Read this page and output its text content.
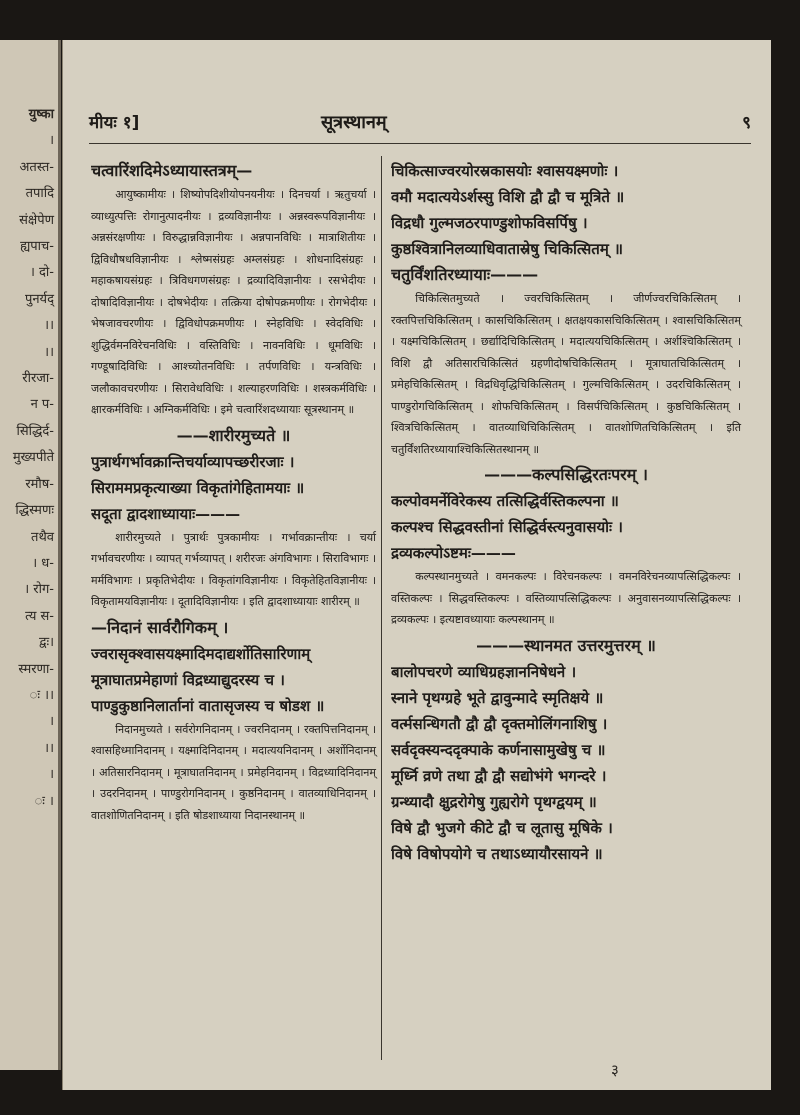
युष्का
।
अतस्त-
तपादि
संक्षेपेण
ह्यपाच-
। दो-
पुनर्यद्
।।
।।
रीरजा-
न प-
सिद्धिर्द-
मुख्यपीते
रमौष-
द्धिस्मणः
तथैव
। ध-
। रोग-
त्य स-
द्वः।
स्मरणा-
ः ।।
।
।।
।
ः ।
मीयः १]	सूत्रस्थानम्	९
चत्वारिंशदिमेऽध्यायास्तत्रम्—
आयुष्कामीयः । शिष्योपदिशीयोपनयनीयः । दिनचर्या । ऋतुचर्या । व्याध्युत्पत्तिः रोगानुत्पादनीयः । द्रव्यविज्ञानीयः । अन्नस्वरूपविज्ञानीयः । अन्नसंरक्षणीयः । विरुद्धान्नविज्ञानीयः । अन्नपानविधिः । मात्राशितीयः । द्विविधौषधविज्ञानीयः । श्लेष्मसंग्रहः अम्लसंग्रहः । शोधनादिसंग्रहः । महाकषायसंग्रहः । त्रिविधगणसंग्रहः । द्रव्यादिविज्ञानीयः । रसभेदीयः । दोषादिविज्ञानीयः । दोषभेदीयः । तत्क्रिया दोषोपक्रमणीयः । रोगभेदीयः । भेषजावचरणीयः । द्विविधोपक्रमणीयः । स्नेहविधिः । स्वेदविधिः । शुद्धिर्वमनविरेचनविधिः । वस्तिविधिः । नावनविधिः । धूमविधिः । गण्डूषादिविधिः । आश्च्योतनविधिः । तर्पणविधिः । यन्त्रविधिः । जलौकावचरणीयः । सिरावेधविधिः । शल्याहरणविधिः । शस्त्रकर्मविधिः । क्षारकर्मविधिः । अग्निकर्मविधिः । इमे चत्वारिंशदध्यायाः सूत्रस्थानम् ॥
——शारीरमुच्यते ॥
पुत्रार्थगर्भावक्रान्तिचर्याव्यापच्छरीरजाः ।
सिराममप्रकृत्याख्या विकृतांगेहितामयाः ॥
सदूता द्वादशाध्यायाः———
शारीरमुच्यते । पुत्रार्थः पुत्रकामीयः । गर्भावक्रान्तीयः । चर्या गर्भावचरणीयः । व्यापत् गर्भव्यापत् । शरीरजः अंगविभागः । सिराविभागः । मर्मविभागः । प्रकृतिभेदीयः । विकृतांगविज्ञानीयः । विकृतेहितविज्ञानीयः । विकृतामयविज्ञानीयः । दूतादिविज्ञानीयः । इति द्वादशाध्यायाः शारीरम् ॥
—निदानं सार्वरौगिकम् ।
ज्वरासृक्श्वासयक्ष्मादिमदाद्यर्शोतिसारिणाम्
मूत्राघातप्रमेहाणां विद्रध्याद्युदरस्य च ।
पाण्डुकुष्ठानिलार्तानां वातासृजस्य च षोडश ॥
निदानमुच्यते । सर्वरोगनिदानम् । ज्वरनिदानम् । रक्तपित्तनिदानम् । श्वासहिध्मानिदानम् । यक्ष्मादिनिदानम् । मदात्ययनिदानम् । अर्शोनिदानम् । अतिसारनिदानम् । मूत्राघातनिदानम् । प्रमेहनिदानम् । विद्रध्यादिनिदानम् । उदरनिदानम् । पाण्डुरोगनिदानम् । कुष्ठनिदानम् । वातव्याधिनिदानम् । वातशोणितनिदानम् । इति षोडशाध्याया निदानस्थानम् ॥
चिकित्साज्वरयोरस्रकासयोः श्वासयक्ष्मणोः ।
वमौ मदात्ययेऽर्शस्सु विशि द्वौ द्वौ च मूत्रिते ॥
विद्रधौ गुल्मजठरपाण्डुशोफविसर्पिषु ।
कुष्ठश्वित्रानिलव्याधिवातास्रेषु चिकित्सितम् ॥
चतुर्विंशतिरध्यायाः———
चिकित्सितमुच्यते । ज्वरचिकित्सितम् । जीर्णज्वरचिकित्सितम् । रक्तपित्तचिकित्सितम् । कासचिकित्सितम् । क्षतक्षयकासचिकित्सितम् । श्वासचिकित्सितम् । यक्ष्मचिकित्सितम् । छर्द्यादिचिकित्सितम् । मदात्ययचिकित्सितम् । अर्शश्चिकित्सितम् । विशि द्वौ अतिसारचिकित्सितं ग्रहणीदोषचिकित्सितम् । मूत्राघातचिकित्सितम् । प्रमेहचिकित्सितम् । विद्रधिवृद्धिचिकित्सितम् । गुल्मचिकित्सितम् । उदरचिकित्सितम् । पाण्डुरोगचिकित्सितम् । शोफचिकित्सितम् । विसर्पचिकित्सितम् । कुष्ठचिकित्सितम् । श्वित्रचिकित्सितम् । वातव्याधिचिकित्सितम् । वातशोणितचिकित्सितम् । इति चतुर्विंशतिरध्यायाश्चिकित्सितस्थानम् ॥
———कल्पसिद्धिरतःपरम् ।
कल्पोवमर्नेविरेकस्य तत्सिद्धिर्वस्तिकल्पना ॥
कल्पश्च सिद्धवस्तीनां सिद्धिर्वस्त्यनुवासयोः ।
द्रव्यकल्पोऽष्टमः———
कल्पस्थानमुच्यते । वमनकल्पः । विरेचनकल्पः । वमनविरेचनव्यापत्सिद्धिकल्पः । वस्तिकल्पः । सिद्धवस्तिकल्पः । वस्तिव्यापत्सिद्धिकल्पः । अनुवासनव्यापत्सिद्धिकल्पः । द्रव्यकल्पः । इत्यष्टावध्यायाः कल्पस्थानम् ॥
———स्थानमत उत्तरमुत्तरम् ॥
बालोपचरणे व्याधिग्रहज्ञाननिषेधने ।
स्नाने पृथग्ग्रहे भूते द्वावुन्मादे स्मृतिक्षये ॥
वर्त्मसन्धिगतौ द्वौ द्वौ दृक्तमोलिंगनाशिषु ।
सर्वदृक्स्यन्ददृक्पाके कर्णनासामुखेषु च ॥
मूर्ध्नि व्रणे तथा द्वौ द्वौ सद्योभंगे भगन्दरे ।
ग्रन्थ्यादौ क्षुद्ररोगेषु गुह्यरोगे पृथग्द्वयम् ॥
विषे द्वौ भुजगे कीटे द्वौ च लूतासु मूषिके ।
विषे विषोपयोगे च तथाऽध्यायौरसायने ॥
३
